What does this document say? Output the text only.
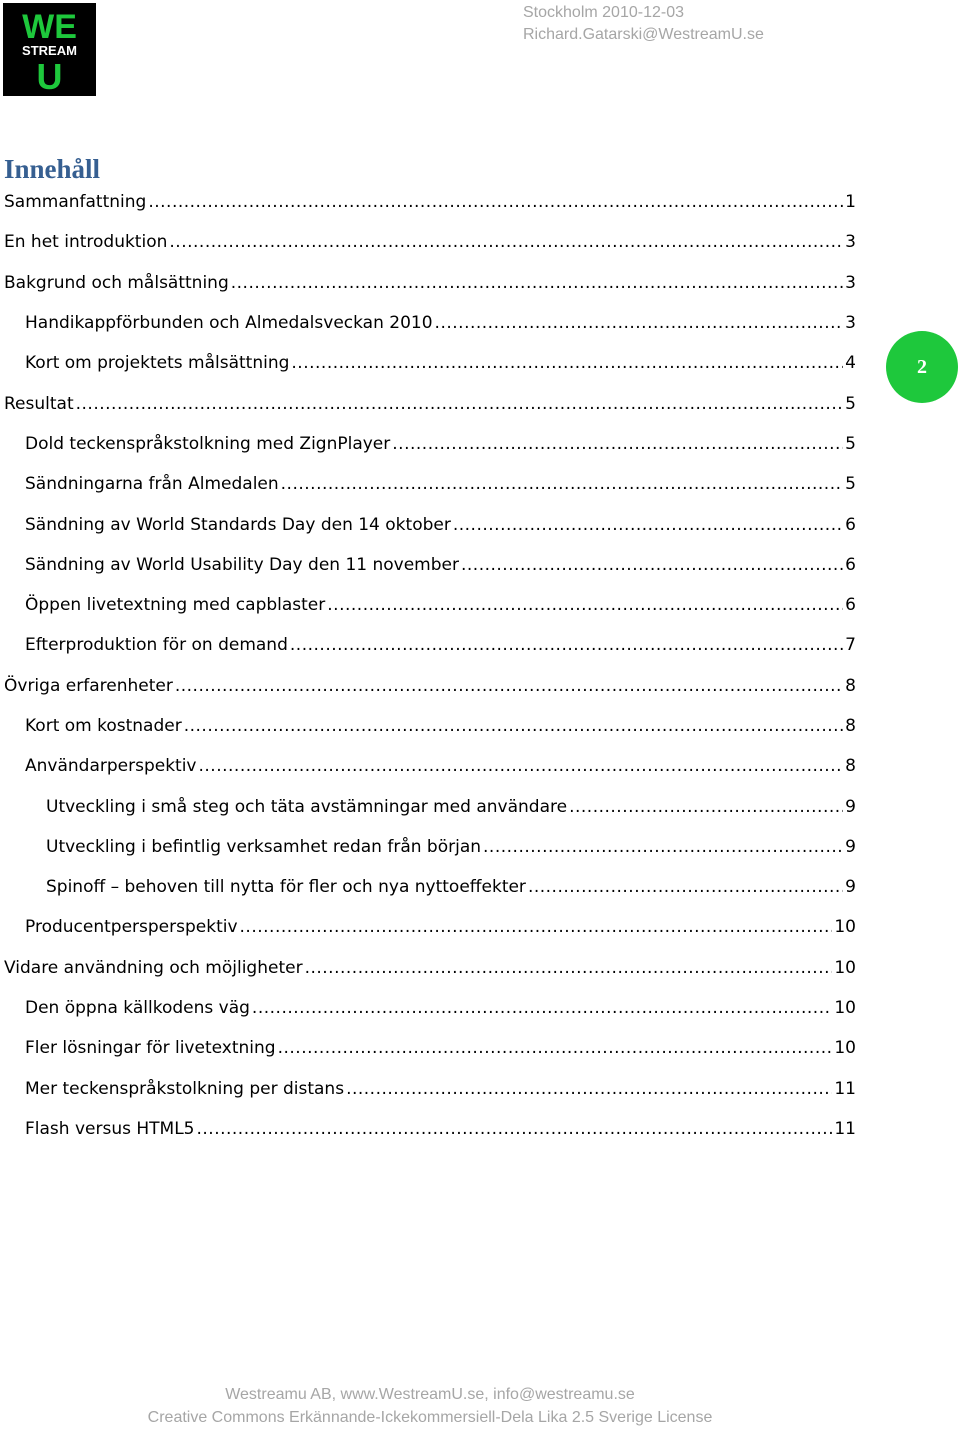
WE
STREAM
U
Stockholm 2010-12-03
Richard.Gatarski@WestreamU.se
Innehåll
Sammanfattning .....	1
En het introduktion .....	3
Bakgrund och målsättning .....	3
Handikappförbunden och Almedalsveckan 2010 .....	3
Kort om projektets målsättning .....	4
Resultat .....	5
Dold teckenspråkstolkning med ZignPlayer .....	5
Sändningarna från Almedalen .....	5
Sändning av World Standards Day den 14 oktober .....	6
Sändning av World Usability Day den 11 november .....	6
Öppen livetextning med capblaster .....	6
Efterproduktion för on demand .....	7
Övriga erfarenheter .....	8
Kort om kostnader .....	8
Användarperspektiv .....	8
Utveckling i små steg och täta avstämningar med användare .....	9
Utveckling i befintlig verksamhet redan från början .....	9
Spinoff – behoven till nytta för fler och nya nyttoeffekter .....	9
Producentpersperspektiv .....	10
Vidare användning och möjligheter .....	10
Den öppna källkodens väg .....	10
Fler lösningar för livetextning .....	10
Mer teckenspråkstolkning per distans .....	11
Flash versus HTML5 .....	11
2
Westreamu AB, www.WestreamU.se, info@westreamu.se
Creative Commons Erkännande-Ickekommersiell-Dela Lika 2.5 Sverige License
